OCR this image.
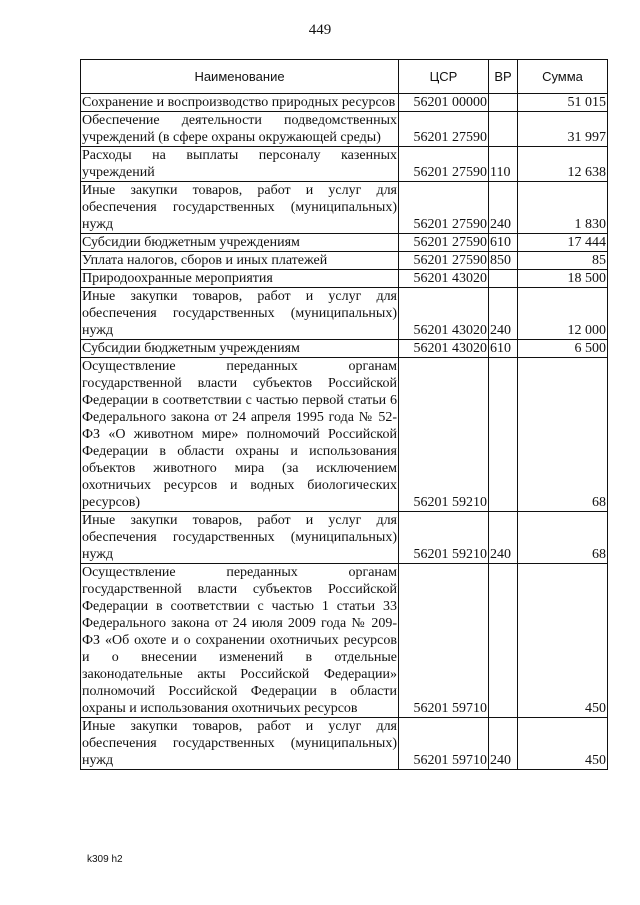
449
Наименование	ЦСР	ВР	Сумма
Сохранение и воспроизводство природных ресурсов	56201 00000		51 015
Обеспечение деятельности подведомственных учреждений (в сфере охраны окружающей среды)	56201 27590		31 997
Расходы на выплаты персоналу казенных учреждений	56201 27590	110	12 638
Иные закупки товаров, работ и услуг для обеспечения государственных (муниципальных) нужд	56201 27590	240	1 830
Субсидии бюджетным учреждениям	56201 27590	610	17 444
Уплата налогов, сборов и иных платежей	56201 27590	850	85
Природоохранные мероприятия	56201 43020		18 500
Иные закупки товаров, работ и услуг для обеспечения государственных (муниципальных) нужд	56201 43020	240	12 000
Субсидии бюджетным учреждениям	56201 43020	610	6 500
Осуществление переданных органам государственной власти субъектов Российской Федерации в соответствии с частью первой статьи 6 Федерального закона от 24 апреля 1995 года № 52-ФЗ «О животном мире» полномочий Российской Федерации в области охраны и использования объектов животного мира (за исключением охотничьих ресурсов и водных биологических ресурсов)	56201 59210		68
Иные закупки товаров, работ и услуг для обеспечения государственных (муниципальных) нужд	56201 59210	240	68
Осуществление переданных органам государственной власти субъектов Российской Федерации в соответствии с частью 1 статьи 33 Федерального закона от 24 июля 2009 года № 209-ФЗ «Об охоте и о сохранении охотничьих ресурсов и о внесении изменений в отдельные законодательные акты Российской Федерации» полномочий Российской Федерации в области охраны и использования охотничьих ресурсов	56201 59710		450
Иные закупки товаров, работ и услуг для обеспечения государственных (муниципальных) нужд	56201 59710	240	450
k309 h2
